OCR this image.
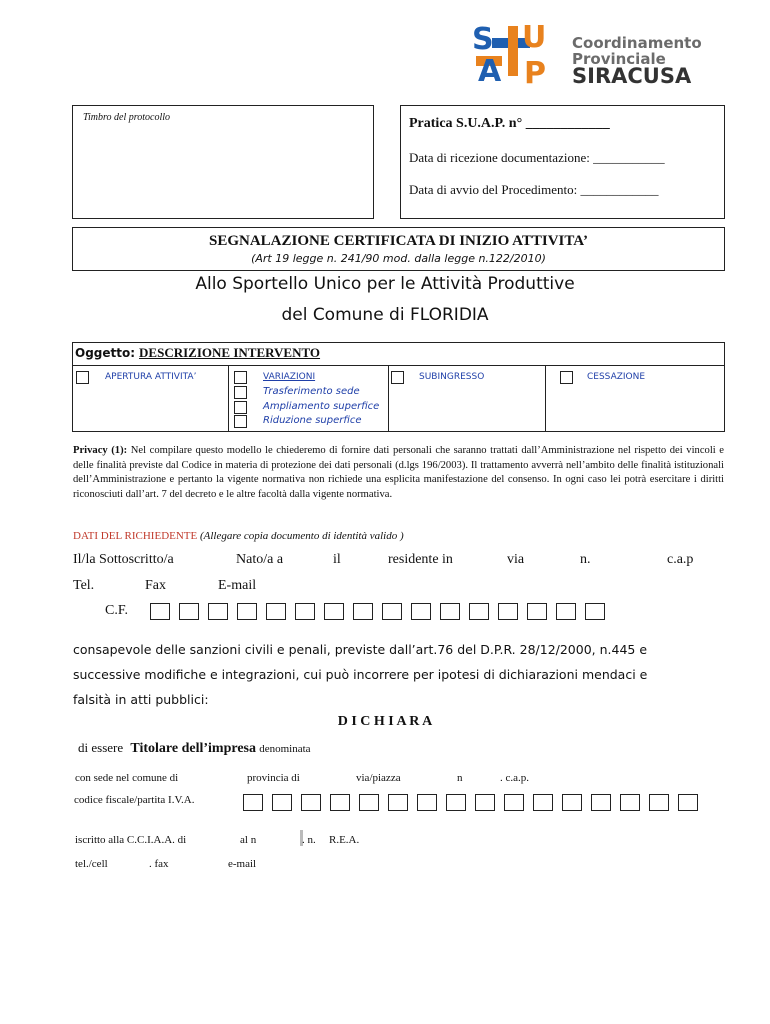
S U
A P
Coordinamento
Provinciale
SIRACUSA
Timbro del protocollo	Pratica S.U.A.P. n° ____________
Data di ricezione documentazione: ___________
Data di avvio del Procedimento: ____________
SEGNALAZIONE CERTIFICATA DI INIZIO ATTIVITA’
(Art 19 legge n. 241/90 mod. dalla legge n.122/2010)
Allo Sportello Unico per le Attività Produttive
del Comune di FLORIDIA
Oggetto: DESCRIZIONE INTERVENTO
APERTURA ATTIVITA’	VARIAZIONI
Trasferimento sede
Ampliamento superfice
Riduzione superfice
SUBINGRESSO	CESSAZIONE
Privacy (1): Nel compilare questo modello le chiederemo di fornire dati personali che saranno trattati dall’Amministrazione nel rispetto dei vincoli e delle finalità previste dal Codice in materia di protezione dei dati personali (d.lgs 196/2003). Il trattamento avverrà nell’ambito delle finalità istituzionali dell’Amministrazione e pertanto la vigente normativa non richiede una esplicita manifestazione del consenso. In ogni caso lei potrà esercitare i diritti riconosciuti dall’art. 7 del decreto e le altre facoltà dalla vigente normativa.
DATI DEL RICHIEDENTE (Allegare copia documento di identità valido )
Il/la Sottoscritto/a	Nato/a a	il	residente in	via	n.	c.a.p
Tel.	Fax	E-mail
C.F.
consapevole delle sanzioni civili e penali, previste dall’art.76 del D.P.R. 28/12/2000, n.445 e
successive modifiche e integrazioni, cui può incorrere per ipotesi di dichiarazioni mendaci e
falsità in atti pubblici:
D I C H I A R A
di essere Titolare dell’impresa denominata
con sede nel comune di	provincia di	via/piazza	n	. c.a.p.
codice fiscale/partita I.V.A.
iscritto alla C.C.I.A.A. di	al n	. n. R.E.A.
tel./cell	. fax	e-mail
